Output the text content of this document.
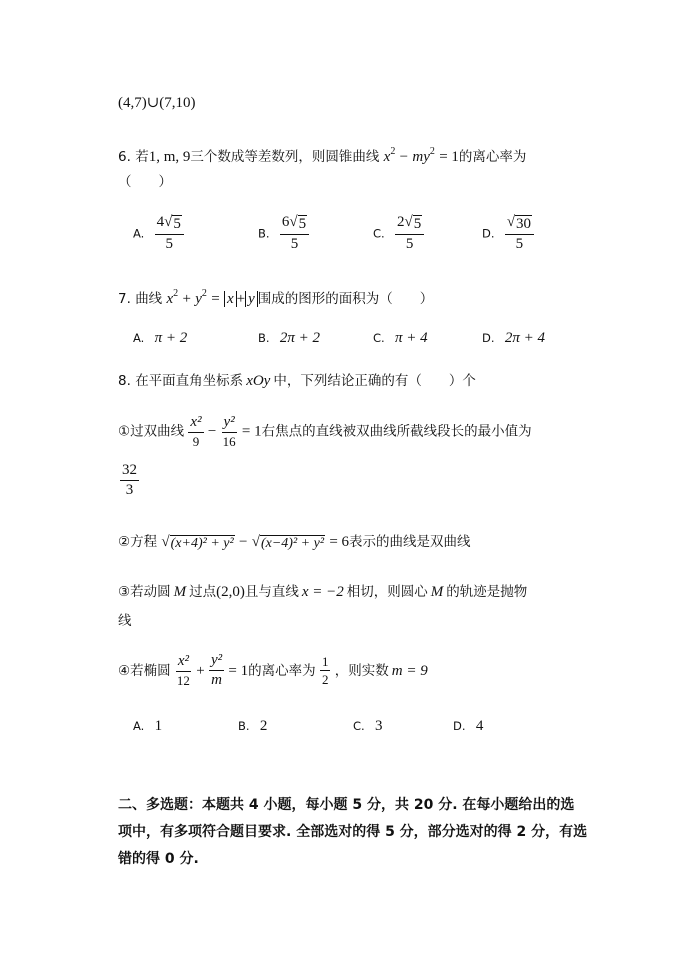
(4,7)∪(7,10)
6. 若1, m, 9三个数成等差数列，则圆锥曲线 $x^2 - my^2 = 1$的离心率为
（　　）
A. $\frac{4 √ 5}{5}$	B. $\frac{6 √ 5}{5}$	C. $\frac{2 √ 5}{5}$	D. $\frac{√ 30}{5}$
7. 曲线 $x^2 + y^2 = x + y$ 围成的图形的面积为（　　）
A. π + 2	B. 2π + 2	C. π + 4	D. 2π + 4
8. 在平面直角坐标系 xOy 中，下列结论正确的有（　　）个
①过双曲线 $\frac{\text{x²}}{9} - \frac{\text{y²}}{16} = 1$右焦点的直线被双曲线所截线段长的最小值为
$\frac{32}{3}$
②方程 √ (x+4)² + y² − √ (x−4)² + y² = 6表示的曲线是双曲线
③若动圆 M 过点(2,0)且与直线 x = −2 相切，则圆心 M 的轨迹是抛物
线
④若椭圆 $\frac{\text{x²}}{12} + \frac{\text{y²}}{m} = 1$的离心率为 $\frac{1}{2}$ ，则实数 m = 9
A. 1	B. 2	C. 3	D. 4
二、多选题：本题共 4 小题，每小题 5 分，共 20 分. 在每小题给出的选项中，有多项符合题目要求. 全部选对的得 5 分，部分选对的得 2 分，有选错的得 0 分.
